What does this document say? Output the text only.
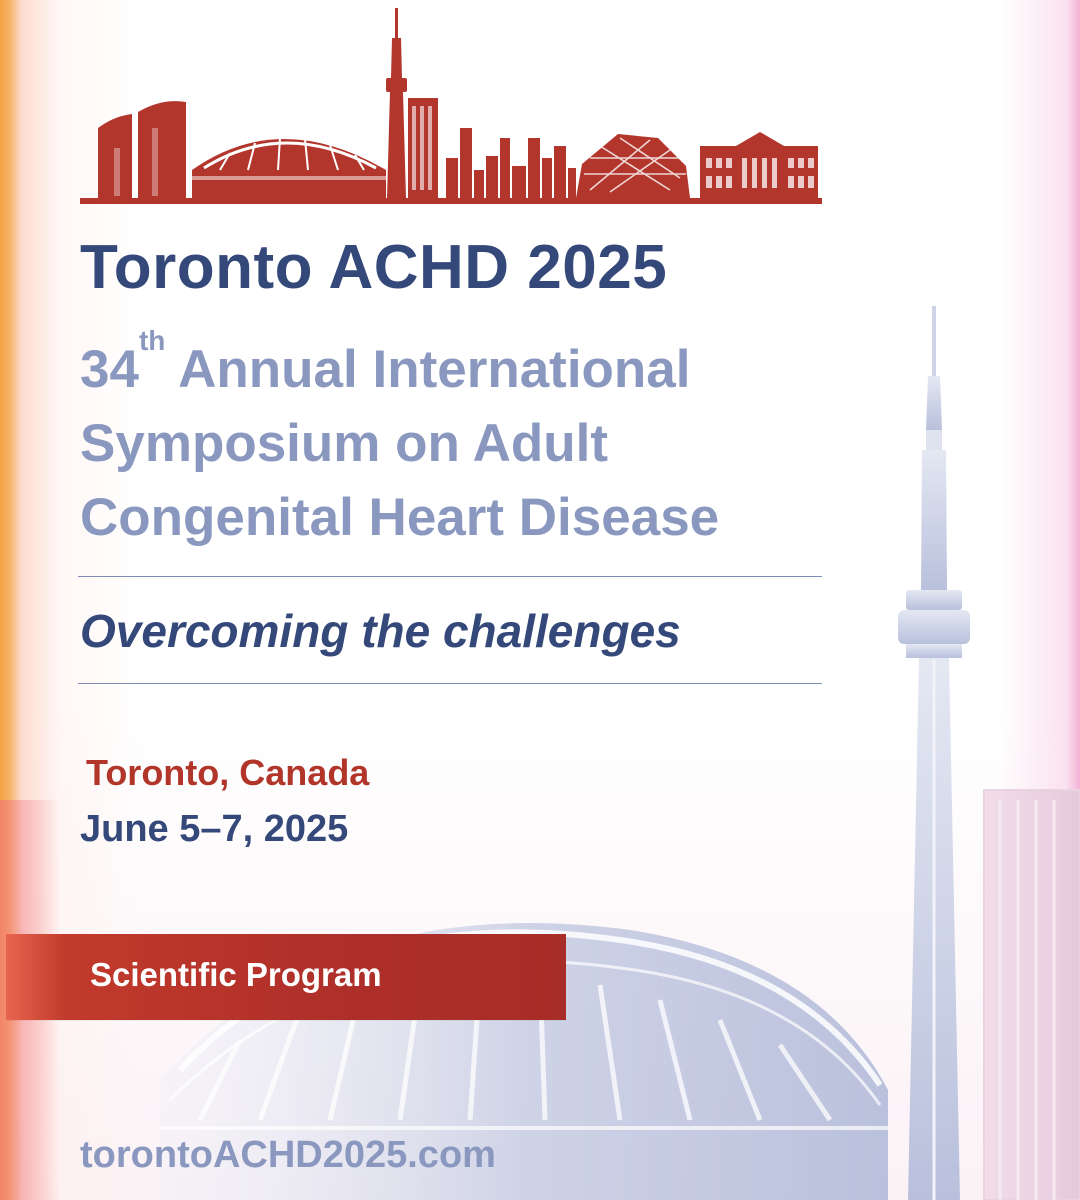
Toronto ACHD 2025
34th Annual International
Symposium on Adult
Congenital Heart Disease
Overcoming the challenges
Toronto, Canada
June 5–7, 2025
Scientific Program
torontoACHD2025.com
